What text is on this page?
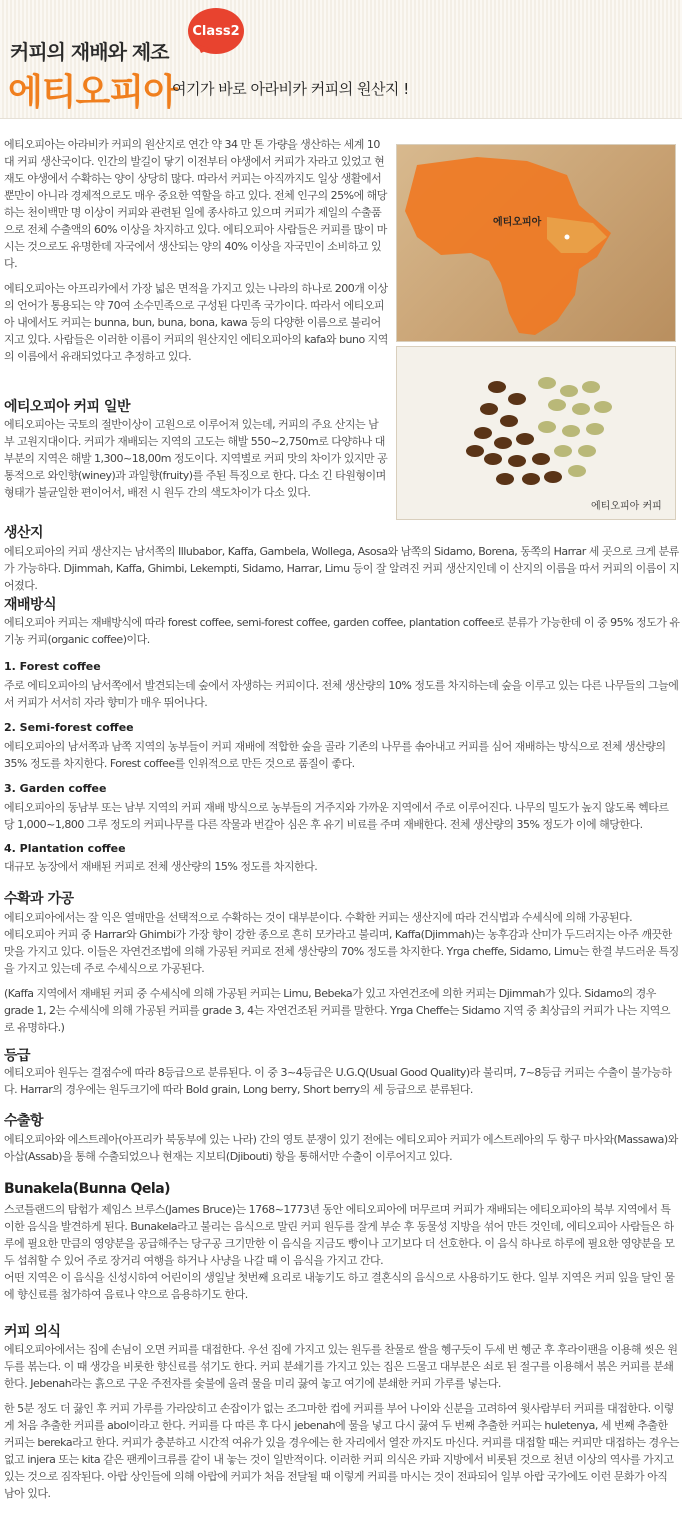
커피의 재배와 제조
Class2
에티오피아
여기가 바로 아라비카 커피의 원산지 !
에티오피아
에티오피아 커피

에티오피아는 아라비카 커피의 원산지로 연간 약 34 만 톤 가량을 생산하는 세계 10대 커피 생산국이다. 인간의 발길이 닿기 이전부터 야생에서 커피가 자라고 있었고 현재도 야생에서 수확하는 양이 상당히 많다. 따라서 커피는 아직까지도 일상 생활에서 뿐만이 아니라 경제적으로도 매우 중요한 역할을 하고 있다. 전체 인구의 25%에 해당하는 천이백만 명 이상이 커피와 관련된 일에 종사하고 있으며 커피가 제일의 수출품으로 전체 수출액의 60% 이상을 차지하고 있다. 에티오피아 사람들은 커피를 많이 마시는 것으로도 유명한데 자국에서 생산되는 양의 40% 이상을 자국민이 소비하고 있다.

에티오피아는 아프리카에서 가장 넓은 면적을 가지고 있는 나라의 하나로 200개 이상의 언어가 통용되는 약 70여 소수민족으로 구성된 다민족 국가이다. 따라서 에티오피아 내에서도 커피는 bunna, bun, buna, bona, kawa 등의 다양한 이름으로 불리어지고 있다. 사람들은 이러한 이름이 커피의 원산지인 에티오피아의 kafa와 buno 지역의 이름에서 유래되었다고 추정하고 있다.

에티오피아 커피 일반
에티오피아는 국토의 절반이상이 고원으로 이루어져 있는데, 커피의 주요 산지는 남부 고원지대이다. 커피가 재배되는 지역의 고도는 해발 550~2,750m로 다양하나 대부분의 지역은 해발 1,300~18,00m 정도이다. 지역별로 커피 맛의 차이가 있지만 공통적으로 와인향(winey)과 과일향(fruity)를 주된 특징으로 한다. 다소 긴 타원형이며 형태가 불균일한 편이어서, 배전 시 원두 간의 색도차이가 다소 있다.
생산지
에티오피아의 커피 생산지는 남서쪽의 Illubabor, Kaffa, Gambela, Wollega, Asosa와 남쪽의 Sidamo, Borena, 동쪽의 Harrar 세 곳으로 크게 분류가 가능하다. Djimmah, Kaffa, Ghimbi, Lekempti, Sidamo, Harrar, Limu 등이 잘 알려진 커피 생산지인데 이 산지의 이름을 따서 커피의 이름이 지어졌다.
재배방식
에티오피아 커피는 재배방식에 따라 forest coffee, semi-forest coffee, garden coffee, plantation coffee로 분류가 가능한데 이 중 95% 정도가 유기농 커피(organic coffee)이다.
1. Forest coffee
주로 에티오피아의 남서쪽에서 발견되는데 숲에서 자생하는 커피이다. 전체 생산량의 10% 정도를 차지하는데 숲을 이루고 있는 다른 나무들의 그늘에서 커피가 서서히 자라 향미가 매우 뛰어나다.
2. Semi-forest coffee
에티오피아의 남서쪽과 남쪽 지역의 농부들이 커피 재배에 적합한 숲을 골라 기존의 나무를 솎아내고 커피를 심어 재배하는 방식으로 전체 생산량의 35% 정도를 차지한다. Forest coffee를 인위적으로 만든 것으로 품질이 좋다.
3. Garden coffee
에티오피아의 동남부 또는 남부 지역의 커피 재배 방식으로 농부들의 거주지와 가까운 지역에서 주로 이루어진다. 나무의 밀도가 높지 않도록 헥타르 당 1,000~1,800 그루 정도의 커피나무를 다른 작물과 번갈아 심은 후 유기 비료를 주며 재배한다. 전체 생산량의 35% 정도가 이에 해당한다.
4. Plantation coffee
대규모 농장에서 재배된 커피로 전체 생산량의 15% 정도를 차지한다.
수확과 가공

에티오피아에서는 잘 익은 열매만을 선택적으로 수확하는 것이 대부분이다. 수확한 커피는 생산지에 따라 건식법과 수세식에 의해 가공된다.

에티오피아 커피 중 Harrar와 Ghimbi가 가장 향이 강한 종으로 흔히 모카라고 불리며, Kaffa(Djimmah)는 농후감과 산미가 두드러지는 아주 깨끗한 맛을 가지고 있다. 이들은 자연건조법에 의해 가공된 커피로 전체 생산량의 70% 정도를 차지한다. Yrga cheffe, Sidamo, Limu는 한결 부드러운 특징을 가지고 있는데 주로 수세식으로 가공된다.

(Kaffa 지역에서 재배된 커피 중 수세식에 의해 가공된 커피는 Limu, Bebeka가 있고 자연건조에 의한 커피는 Djimmah가 있다. Sidamo의 경우 grade 1, 2는 수세식에 의해 가공된 커피를 grade 3, 4는 자연건조된 커피를 말한다. Yrga Cheffe는 Sidamo 지역 중 최상급의 커피가 나는 지역으로 유명하다.)

등급
에티오피아 원두는 결점수에 따라 8등급으로 분류된다. 이 중 3~4등급은 U.G.Q(Usual Good Quality)라 불리며, 7~8등급 커피는 수출이 불가능하다. Harrar의 경우에는 원두크기에 따라 Bold grain, Long berry, Short berry의 세 등급으로 분류된다.
수출항
에티오피아와 에스트레아(아프리카 북동부에 있는 나라) 간의 영토 분쟁이 있기 전에는 에티오피아 커피가 에스트레아의 두 항구 마사와(Massawa)와 아삽(Assab)을 통해 수출되었으나 현재는 지보티(Djibouti) 항을 통해서만 수출이 이루어지고 있다.
Bunakela(Bunna Qela)

스코틀랜드의 탐험가 제임스 브루스(James Bruce)는 1768~1773년 동안 에티오피아에 머무르며 커피가 재배되는 에티오피아의 북부 지역에서 특이한 음식을 발견하게 된다. Bunakela라고 불리는 음식으로 말린 커피 원두를 잘게 부순 후 동물성 지방을 섞어 만든 것인데, 에티오피아 사람들은 하루에 필요한 만큼의 영양분을 공급해주는 당구공 크기만한 이 음식을 지금도 빵이나 고기보다 더 선호한다. 이 음식 하나로 하루에 필요한 영양분을 모두 섭취할 수 있어 주로 장거리 여행을 하거나 사냥을 나갈 때 이 음식을 가지고 간다.

어떤 지역은 이 음식을 신성시하여 어린이의 생일날 첫번째 요리로 내놓기도 하고 결혼식의 음식으로 사용하기도 한다. 일부 지역은 커피 잎을 달인 물에 향신료를 첨가하여 음료나 약으로 음용하기도 한다.

커피 의식

에티오피아에서는 집에 손님이 오면 커피를 대접한다. 우선 집에 가지고 있는 원두를 찬물로 쌀을 헹구듯이 두세 번 헹군 후 후라이팬을 이용해 씻은 원두를 볶는다. 이 때 생강을 비롯한 향신료를 섞기도 한다. 커피 분쇄기를 가지고 있는 집은 드물고 대부분은 쇠로 된 절구를 이용해서 볶은 커피를 분쇄한다. Jebenah라는 흙으로 구운 주전자를 숯불에 올려 물을 미리 끓여 놓고 여기에 분쇄한 커피 가루를 넣는다.

한 5분 정도 더 끓인 후 커피 가루를 가라앉히고 손잡이가 없는 조그마한 컵에 커피를 부어 나이와 신분을 고려하여 윗사람부터 커피를 대접한다. 이렇게 처음 추출한 커피를 abol이라고 한다. 커피를 다 따른 후 다시 jebenah에 물을 넣고 다시 끓여 두 번째 추출한 커피는 huletenya, 세 번째 추출한 커피는 bereka라고 한다. 커피가 충분하고 시간적 여유가 있을 경우에는 한 자리에서 열잔 까지도 마신다. 커피를 대접할 때는 커피만 대접하는 경우는 없고 injera 또는 kita 같은 팬케이크류를 같이 내 놓는 것이 일반적이다. 이러한 커피 의식은 카파 지방에서 비롯된 것으로 천년 이상의 역사를 가지고 있는 것으로 짐작된다. 아랍 상인들에 의해 아랍에 커피가 처음 전달될 때 이렇게 커피를 마시는 것이 전파되어 일부 아랍 국가에도 이런 문화가 아직 남아 있다.
